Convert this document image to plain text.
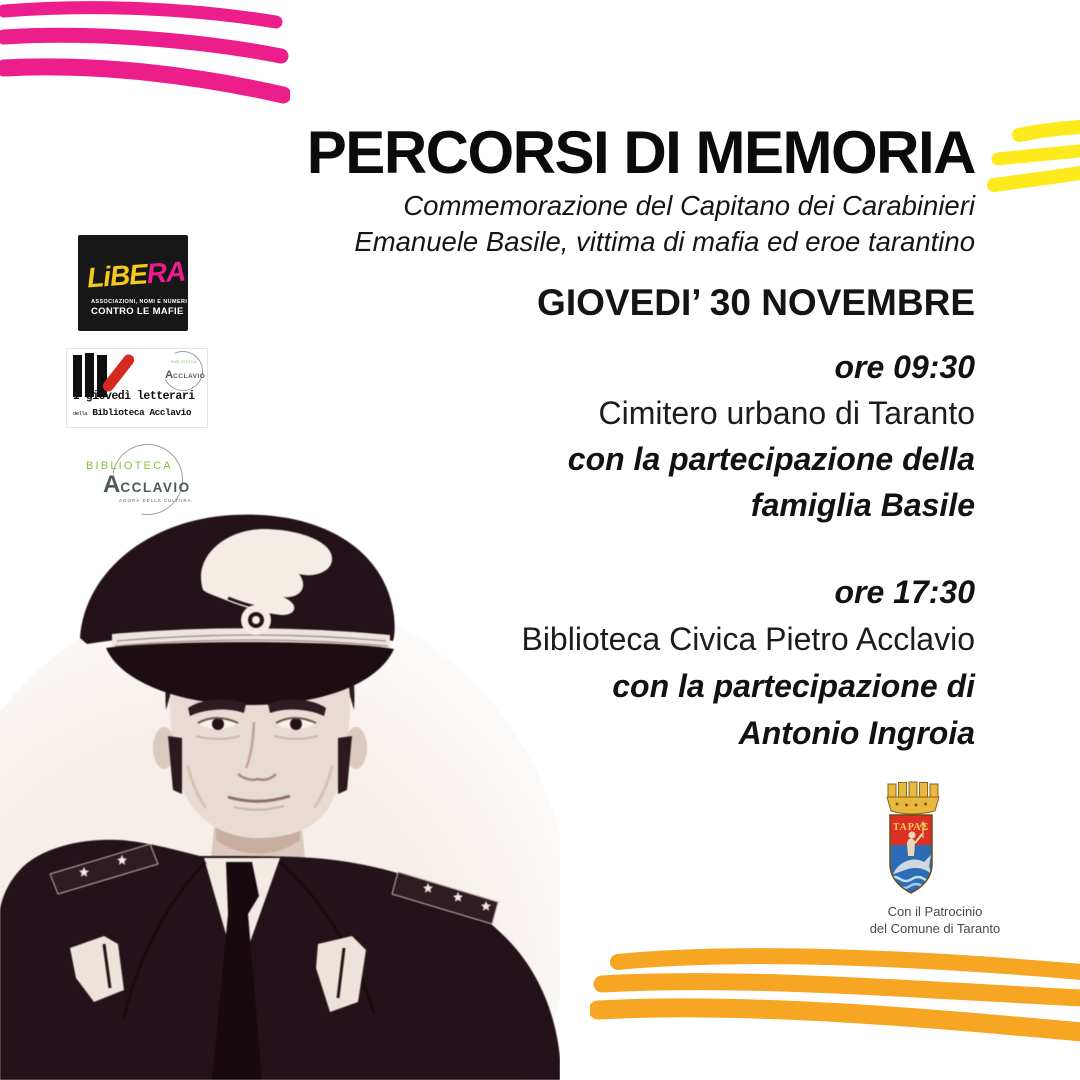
PERCORSI DI MEMORIA

Commemorazione del Capitano dei Carabinieri

Emanuele Basile, vittima di mafia ed eroe tarantino

GIOVEDI’ 30 NOVEMBRE

ore 09:30

Cimitero urbano di Taranto

con la partecipazione della

famiglia Basile

ore 17:30

Biblioteca Civica Pietro Acclavio

con la partecipazione di

Antonio Ingroia

LiBERA
ASSOCIAZIONI, NOMI E NUMERI
CONTRO LE MAFIE
BIBLIOTECA
ACCLAVIO
I giovedì letterari
della Biblioteca Acclavio
BIBLIOTECA
ACCLAVIO
AGORÀ DELLA CULTURA
ΤΑΡΑΣ

Con il Patrocinio

del Comune di Taranto
